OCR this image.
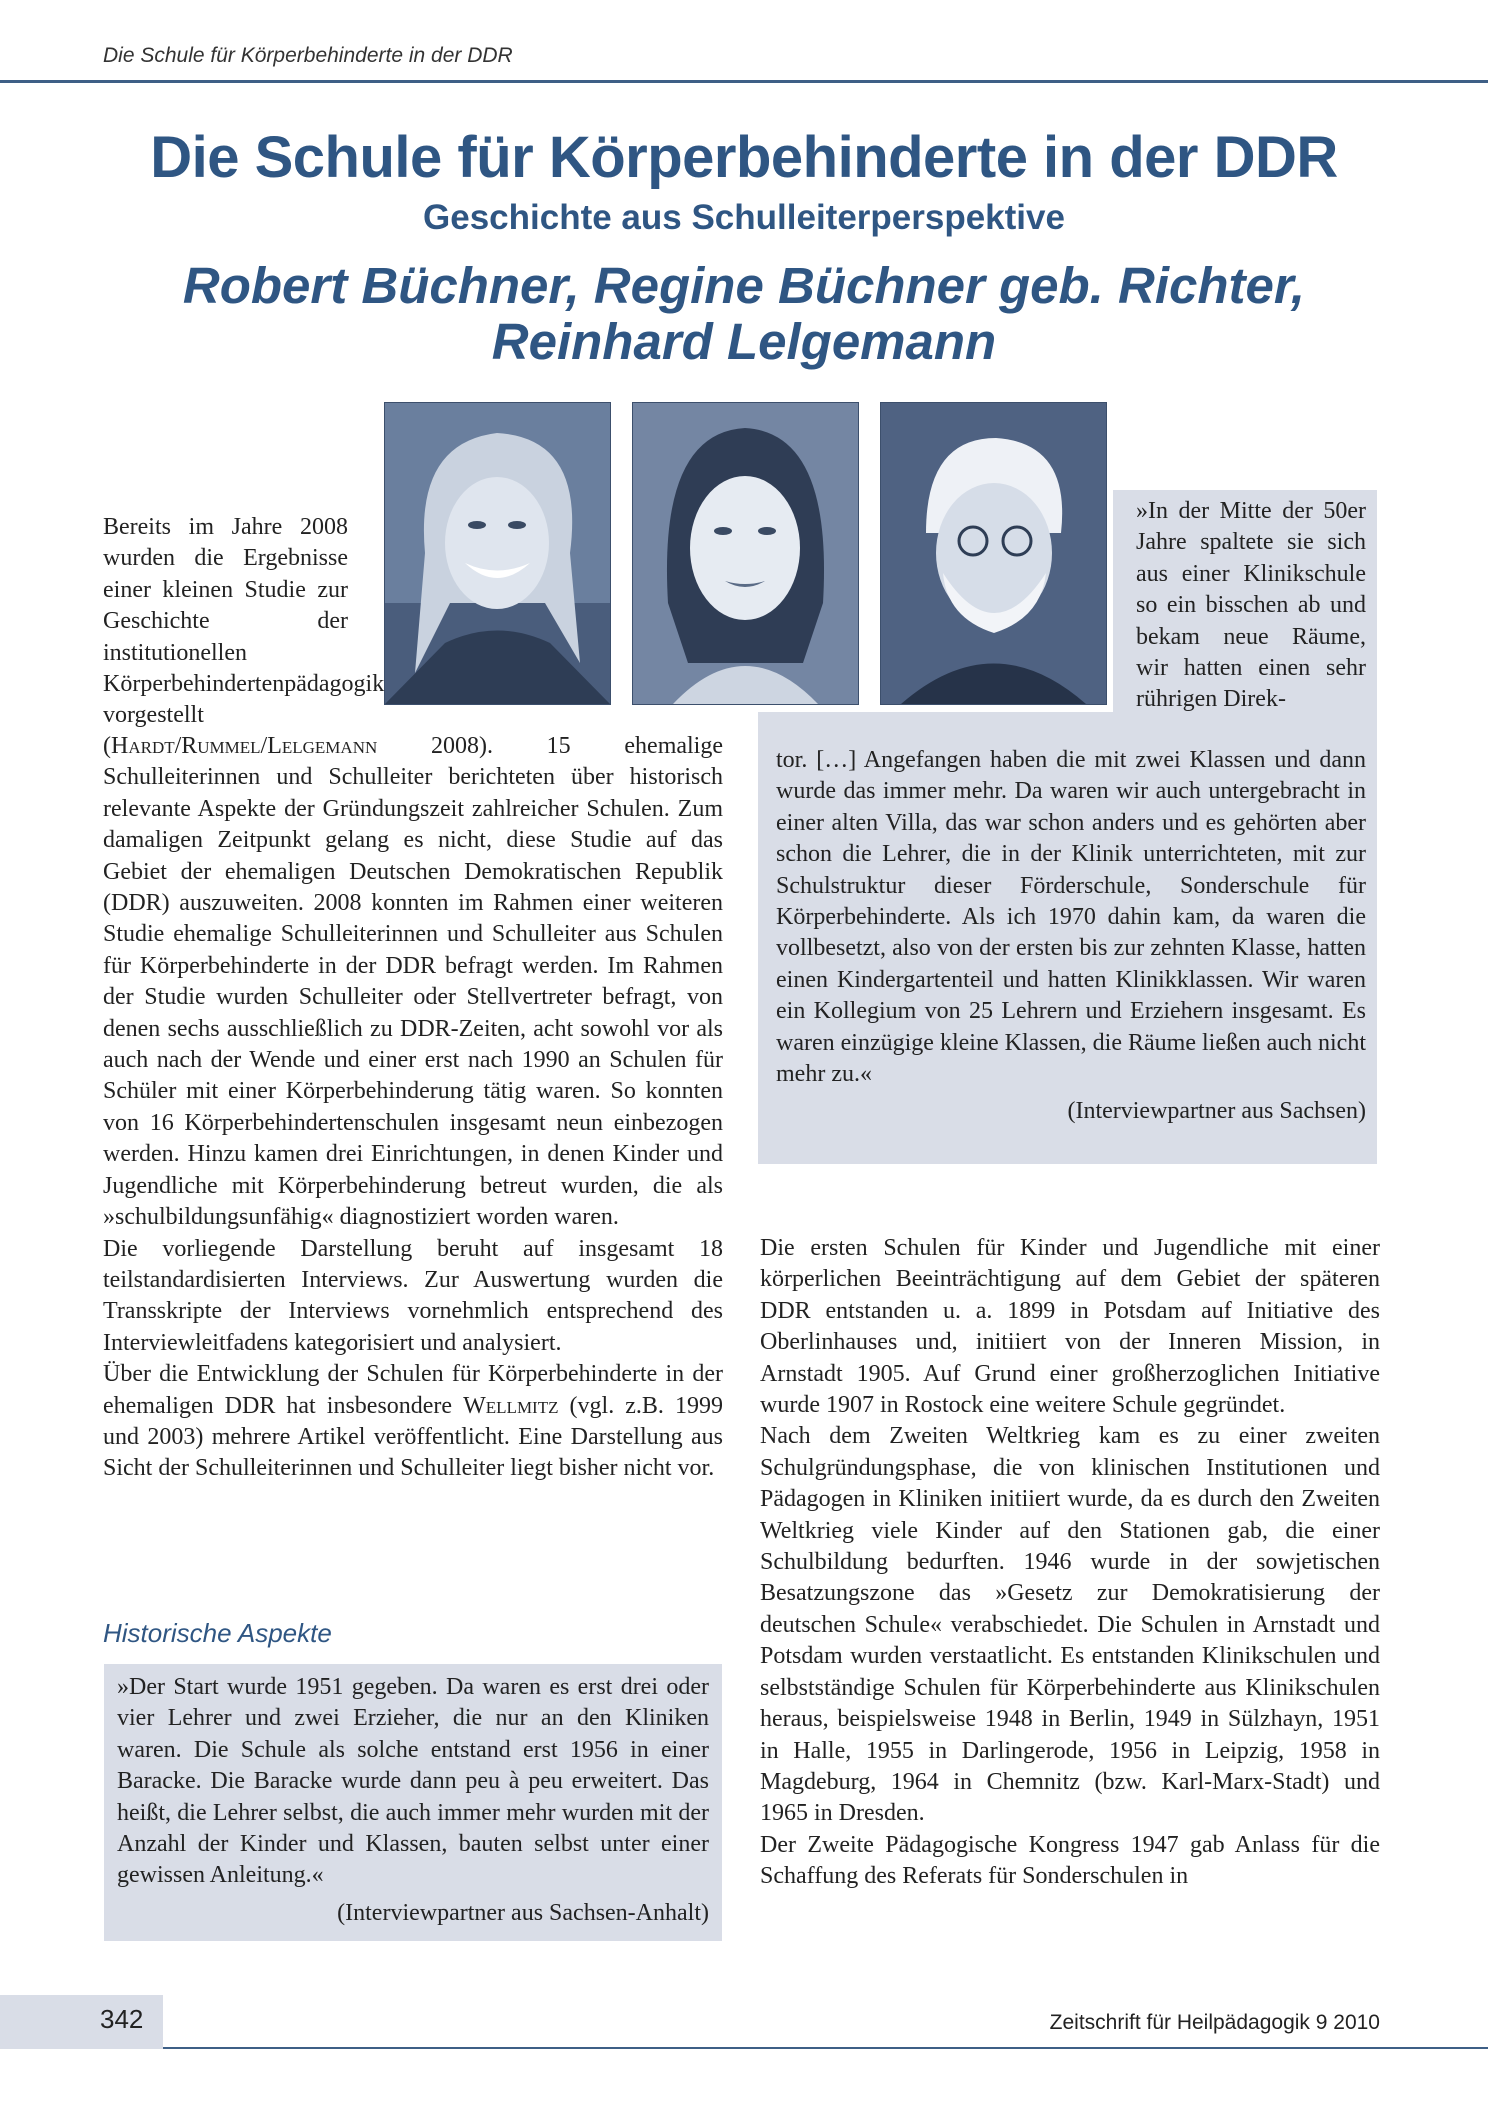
Die Schule für Körperbehinderte in der DDR
Die Schule für Körperbehinderte in der DDR
Geschichte aus Schulleiterperspektive
Robert Büchner, Regine Büchner geb. Richter,
Reinhard Lelgemann
»In der Mitte der 50er Jahre spaltete sie sich aus einer Klinikschule so ein bisschen ab und bekam neue Räume, wir hatten einen sehr rührigen Direk-
tor. […] Angefangen haben die mit zwei Klassen und dann wurde das immer mehr. Da waren wir auch untergebracht in einer alten Villa, das war schon anders und es gehörten aber schon die Lehrer, die in der Klinik unterrichteten, mit zur Schulstruktur dieser Förderschule, Sonderschule für Körperbehinderte. Als ich 1970 dahin kam, da waren die vollbesetzt, also von der ersten bis zur zehnten Klasse, hatten einen Kindergartenteil und hatten Klinikklassen. Wir waren ein Kollegium von 25 Lehrern und Erziehern insgesamt. Es waren einzügige kleine Klassen, die Räume ließen auch nicht mehr zu.«
(Interviewpartner aus Sachsen)
Bereits im Jahre 2008 wurden die Ergebnisse einer kleinen Studie zur Geschichte der institutionellen Körperbehindertenpädagogik vorgestellt

(Hardt/Rummel/Lelgemann 2008). 15 ehemalige Schulleiterinnen und Schulleiter berichteten über historisch relevante Aspekte der Gründungszeit zahlreicher Schulen. Zum damaligen Zeitpunkt gelang es nicht, diese Studie auf das Gebiet der ehemaligen Deutschen Demokratischen Republik (DDR) auszuweiten. 2008 konnten im Rahmen einer weiteren Studie ehemalige Schulleiterinnen und Schulleiter aus Schulen für Körperbehinderte in der DDR befragt werden. Im Rahmen der Studie wurden Schulleiter oder Stellvertreter befragt, von denen sechs ausschließlich zu DDR-Zeiten, acht sowohl vor als auch nach der Wende und einer erst nach 1990 an Schulen für Schüler mit einer Körperbehinderung tätig waren. So konnten von 16 Körperbehindertenschulen insgesamt neun einbezogen werden. Hinzu kamen drei Einrichtungen, in denen Kinder und Jugendliche mit Körperbehinderung betreut wurden, die als »schulbildungsunfähig« diagnostiziert worden waren.

Die vorliegende Darstellung beruht auf insgesamt 18 teilstandardisierten Interviews. Zur Auswertung wurden die Transskripte der Interviews vornehmlich entsprechend des Interviewleitfadens kategorisiert und analysiert.

Über die Entwicklung der Schulen für Körperbehinderte in der ehemaligen DDR hat insbesondere Wellmitz (vgl. z.B. 1999 und 2003) mehrere Artikel veröffentlicht. Eine Darstellung aus Sicht der Schulleiterinnen und Schulleiter liegt bisher nicht vor.

Historische Aspekte
»Der Start wurde 1951 gegeben. Da waren es erst drei oder vier Lehrer und zwei Erzieher, die nur an den Kliniken waren. Die Schule als solche entstand erst 1956 in einer Baracke. Die Baracke wurde dann peu à peu erweitert. Das heißt, die Lehrer selbst, die auch immer mehr wurden mit der Anzahl der Kinder und Klassen, bauten selbst unter einer gewissen Anleitung.«
(Interviewpartner aus Sachsen-Anhalt)

Die ersten Schulen für Kinder und Jugendliche mit einer körperlichen Beeinträchtigung auf dem Gebiet der späteren DDR entstanden u. a. 1899 in Potsdam auf Initiative des Oberlinhauses und, initiiert von der Inneren Mission, in Arnstadt 1905. Auf Grund einer großherzoglichen Initiative wurde 1907 in Rostock eine weitere Schule gegründet.

Nach dem Zweiten Weltkrieg kam es zu einer zweiten Schulgründungsphase, die von klinischen Institutionen und Pädagogen in Kliniken initiiert wurde, da es durch den Zweiten Weltkrieg viele Kinder auf den Stationen gab, die einer Schulbildung bedurften. 1946 wurde in der sowjetischen Besatzungszone das »Gesetz zur Demokratisierung der deutschen Schule« verabschiedet. Die Schulen in Arnstadt und Potsdam wurden verstaatlicht. Es entstanden Klinikschulen und selbstständige Schulen für Körperbehinderte aus Klinikschulen heraus, beispielsweise 1948 in Berlin, 1949 in Sülzhayn, 1951 in Halle, 1955 in Darlingerode, 1956 in Leipzig, 1958 in Magdeburg, 1964 in Chemnitz (bzw. Karl-Marx-Stadt) und 1965 in Dresden.

Der Zweite Pädagogische Kongress 1947 gab Anlass für die Schaffung des Referats für Sonderschulen in

342	Zeitschrift für Heilpädagogik 9 2010
